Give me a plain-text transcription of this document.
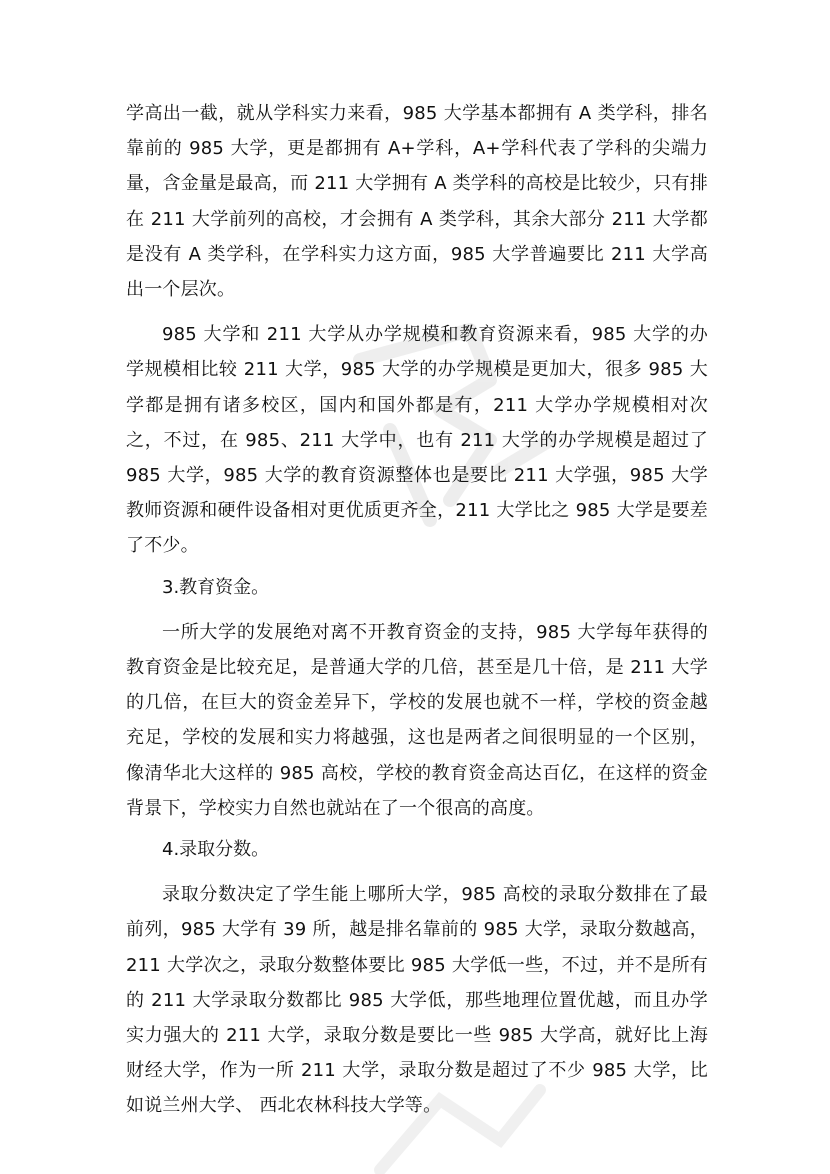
学高出一截，就从学科实力来看，985 大学基本都拥有 A 类学科，排名靠前的 985 大学，更是都拥有 A+学科，A+学科代表了学科的尖端力量，含金量是最高，而 211 大学拥有 A 类学科的高校是比较少，只有排在 211 大学前列的高校，才会拥有 A 类学科，其余大部分 211 大学都是没有 A 类学科，在学科实力这方面，985 大学普遍要比 211 大学高出一个层次。

985 大学和 211 大学从办学规模和教育资源来看，985 大学的办学规模相比较 211 大学，985 大学的办学规模是更加大，很多 985 大学都是拥有诸多校区，国内和国外都是有，211 大学办学规模相对次之，不过，在 985、211 大学中，也有 211 大学的办学规模是超过了 985 大学，985 大学的教育资源整体也是要比 211 大学强，985 大学教师资源和硬件设备相对更优质更齐全，211 大学比之 985 大学是要差了不少。

3.教育资金。

一所大学的发展绝对离不开教育资金的支持，985 大学每年获得的教育资金是比较充足，是普通大学的几倍，甚至是几十倍，是 211 大学的几倍，在巨大的资金差异下，学校的发展也就不一样，学校的资金越充足，学校的发展和实力将越强，这也是两者之间很明显的一个区别，像清华北大这样的 985 高校，学校的教育资金高达百亿，在这样的资金背景下，学校实力自然也就站在了一个很高的高度。

4.录取分数。

录取分数决定了学生能上哪所大学，985 高校的录取分数排在了最前列，985 大学有 39 所，越是排名靠前的 985 大学，录取分数越高，211 大学次之，录取分数整体要比 985 大学低一些，不过，并不是所有的 211 大学录取分数都比 985 大学低，那些地理位置优越，而且办学实力强大的 211 大学，录取分数是要比一些 985 大学高，就好比上海财经大学，作为一所 211 大学，录取分数是超过了不少 985 大学，比如说兰州大学、 西北农林科技大学等。
